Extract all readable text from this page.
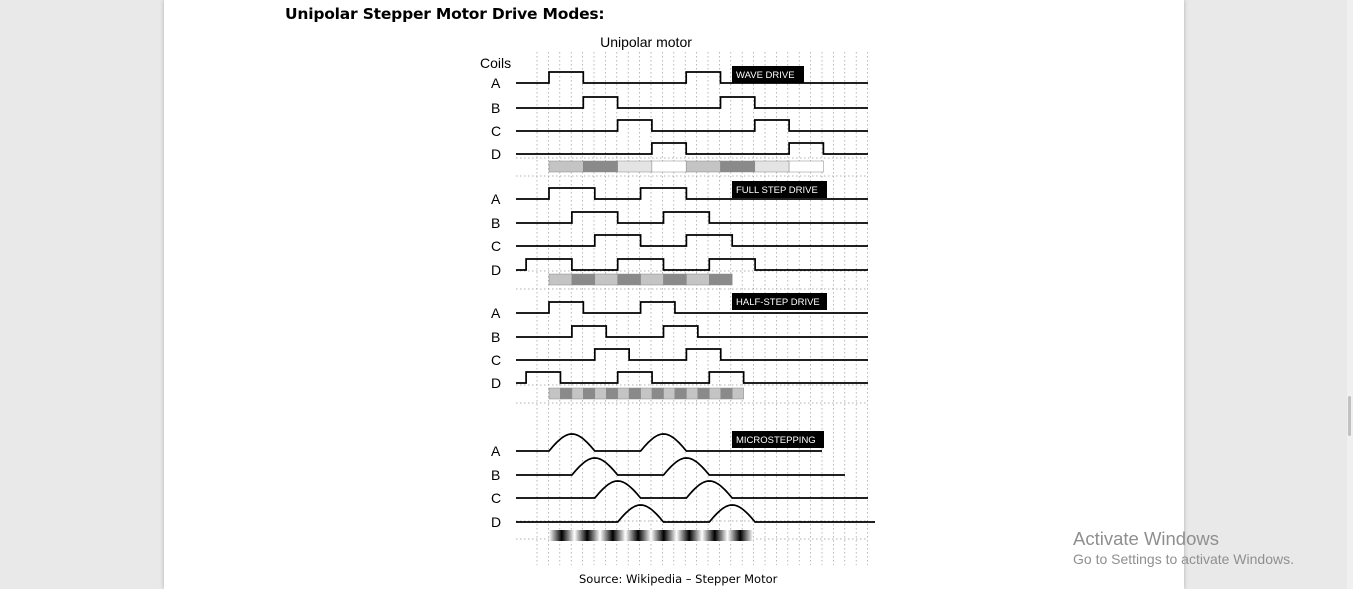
Unipolar Stepper Motor Drive Modes:
Unipolar motor
Coils
WAVE DRIVE
A
B
C
D
FULL STEP DRIVE
A
B
C
D
HALF-STEP DRIVE
A
B
C
D
MICROSTEPPING
A
B
C
D
Source: Wikipedia – Stepper Motor
Activate Windows
Go to Settings to activate Windows.
